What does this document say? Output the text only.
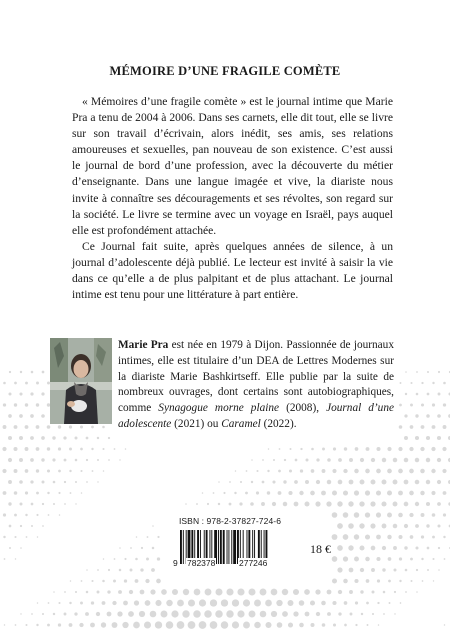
MÉMOIRE D’UNE FRAGILE COMÈTE

« Mémoires d’une fragile comète » est le journal intime que Marie Pra a tenu de 2004 à 2006. Dans ses carnets, elle dit tout, elle se livre sur son travail d’écrivain, alors inédit, ses amis, ses relations amoureuses et sexuelles, pan nouveau de son existence. C’est aussi le journal de bord d’une profession, avec la découverte du métier d’enseignante. Dans une langue imagée et vive, la diariste nous invite à connaître ses découragements et ses révoltes, son regard sur la société. Le livre se termine avec un voyage en Israël, pays auquel elle est profondément attachée.

Ce Journal fait suite, après quelques années de silence, à un journal d’adolescente déjà publié. Le lecteur est invité à saisir la vie dans ce qu’elle a de plus palpitant et de plus attachant. Le journal intime est tenu pour une littérature à part entière.

Marie Pra est née en 1979 à Dijon. Passionnée de journaux intimes, elle est titulaire d’un DEA de Lettres Modernes sur la diariste Marie Bashkirtseff. Elle publie par la suite de nombreux ouvrages, dont certains sont autobiographiques, comme Synagogue morne plaine (2008), Journal d’une adolescente (2021) ou Caramel (2022).
ISBN : 978-2-37827-724-6
9 782378	277246
18 €
